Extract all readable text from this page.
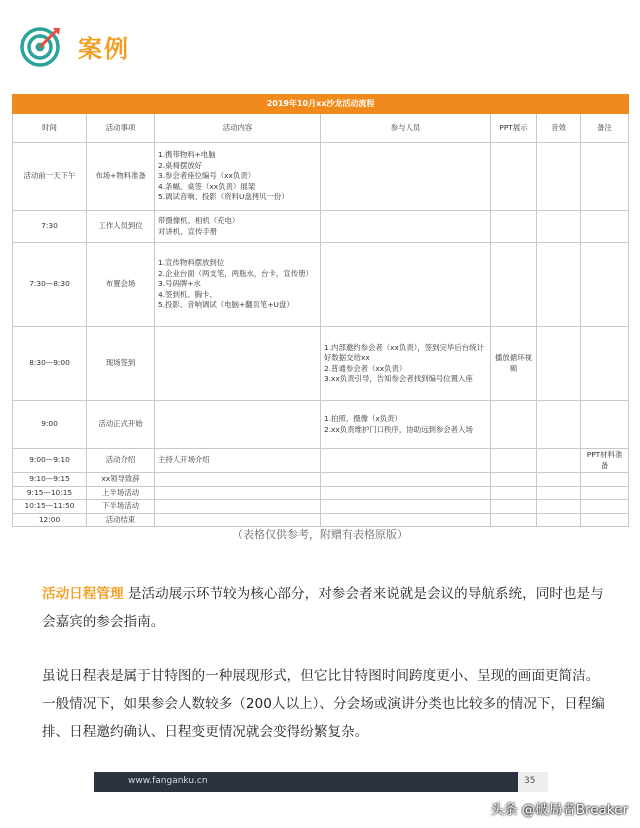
案例
2019年10月xx沙龙活动流程						
时间	活动事项	活动内容	参与人员	PPT展示	音效	备注
活动前一天下午	布场+物料准备	1.携带物料+电脑
2.桌椅摆放好
3.参会者座位编号（xx负责）
4.条幅、桌签（xx负责）展架
5.调试音响、投影（资料U盘拷贝一份）				
7:30	工作人员到位	带摄像机、相机（充电）
对讲机、宣传手册				
7:30—8:30	布置会场	1.宣传物料摆放到位
2.企业台面（两支笔，两瓶水，台卡，宣传册）
3.号码牌+水
4.签到机、胸卡、
5.投影、音响调试（电脑+翻页笔+U盘）				
8:30—9:00	现场签到		1.内部邀约参会者（xx负责），签到完毕后台统计好数据交给xx
2.普通参会者（xx负责）
3.xx负责引导，告知参会者找到编号位置入座	播放循环视频		
9:00	活动正式开始		1.拍照、摄像（x负责）
2.xx负责维护门口秩序，协助远到参会者入场			
9:00—9:10	活动介绍	主持人开场介绍				PPT材料准备
9:10—9:15	xx领导致辞					
9:15—10:15	上半场活动					
10:15—11:50	下半场活动					
12:00	活动结束					
（表格仅供参考，附赠有表格原版）
活动日程管理 是活动展示环节较为核心部分，对参会者来说就是会议的导航系统，同时也是与会嘉宾的参会指南。
虽说日程表是属于甘特图的一种展现形式，但它比甘特图时间跨度更小、呈现的画面更简洁。一般情况下，如果参会人数较多（200人以上）、分会场或演讲分类也比较多的情况下，日程编排、日程邀约确认、日程变更情况就会变得纷繁复杂。
www.fanganku.cn	35
头条 @破局者Breaker
